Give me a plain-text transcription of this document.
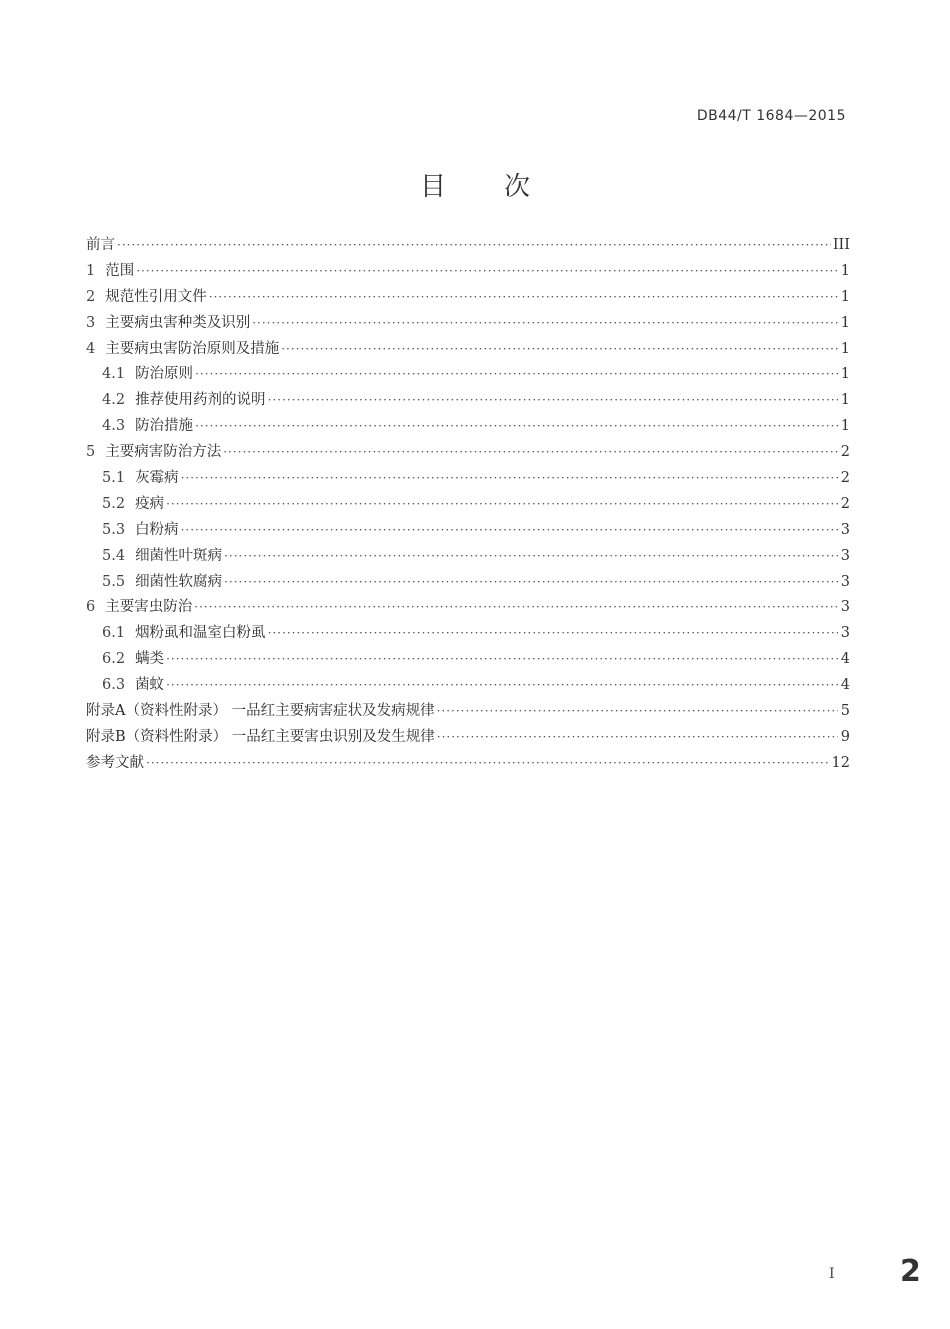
DB44/T 1684—2015
目次
前言 ·····	III
1 范围 ·····	1
2 规范性引用文件 ·····	1
3 主要病虫害种类及识别 ·····	1
4 主要病虫害防治原则及措施 ·····	1
4.1 防治原则 ·····	1
4.2 推荐使用药剂的说明 ·····	1
4.3 防治措施 ·····	1
5 主要病害防治方法 ·····	2
5.1 灰霉病 ·····	2
5.2 疫病 ·····	2
5.3 白粉病 ·····	3
5.4 细菌性叶斑病 ·····	3
5.5 细菌性软腐病 ·····	3
6 主要害虫防治 ·····	3
6.1 烟粉虱和温室白粉虱 ·····	3
6.2 螨类 ·····	4
6.3 菌蚊 ·····	4
附录A（资料性附录） 一品红主要病害症状及发病规律 ·····	5
附录B（资料性附录） 一品红主要害虫识别及发生规律 ·····	9
参考文献 ·····	12
I 2
